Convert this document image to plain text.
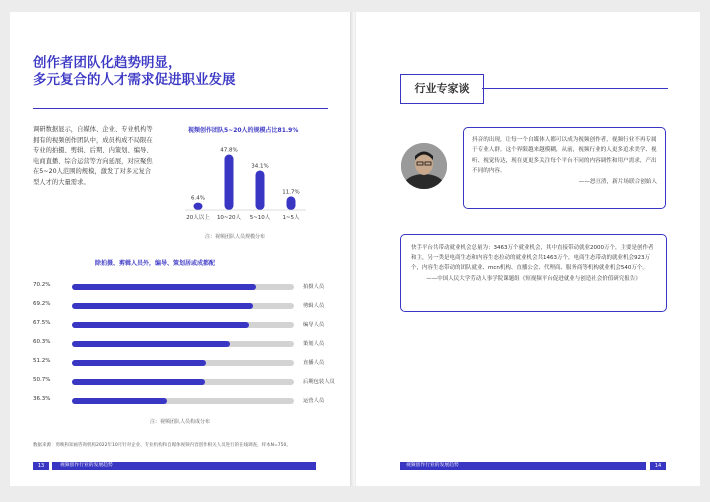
创作者团队化趋势明显，
多元复合的人才需求促进职业发展
调研数据显示，自媒体、企业、专业机构等拥有的视频创作团队中，成员构成不局限在专业的拍摄、剪辑、后期、内策划、编导、电商直播、综合运营等方向延展，对应聚焦在5~20人范围的规模，激发了对多元复合型人才的大量需求。
视频创作团队5~20人的规模占比81.9%
6.4%
20人以上
47.8%
10~20人
34.1%
5~10人
11.7%
1~5人
注：视频团队人员规模分布
除拍摄、剪辑人员外，编导、策划居或成都配
70.2%	拍摄人员
69.2%	剪辑人员
67.5%	编导人员
60.3%	策划人员
51.2%	直播人员
50.7%	后期包装人员
36.3%	运营人员
注：视频团队人员构成分布
数据来源：剪映和知画咨询机构2022年10月针对企业、专业机构和自媒体视频内容创作相关人员进行的在线调查，样本N=750。
13	视频创作行业的发展趋势
行业专家谈
抖音的出现，让每一个自媒体人都可以成为视频创作者，视频行业不再专属于专业人群。这个界限越来越模糊，从前，视频行业的人更多追求美学、视听、视觉传达，现在更更多关注每个平台不同的内容调性和用户需求，产出不同的内容。
——怒亘渣，新片场联合创始人
快手平台共带动就业机会总量为：3463万个就业机会，其中直接带动就业2000万个，主要是创作者和主，另一类是电商生态和内容生态拉动的就业机会共1463万个，电商生态带动的就业机会923万个，内容生态带动的团队就业、mcn机构、直播公会、代理商、服务商等机构就业机会540万个。
——中国人民大学劳动人事学院课题组《短视频平台促进就业与创造社会价值研究报告》
视频创作行业的发展趋势	14
